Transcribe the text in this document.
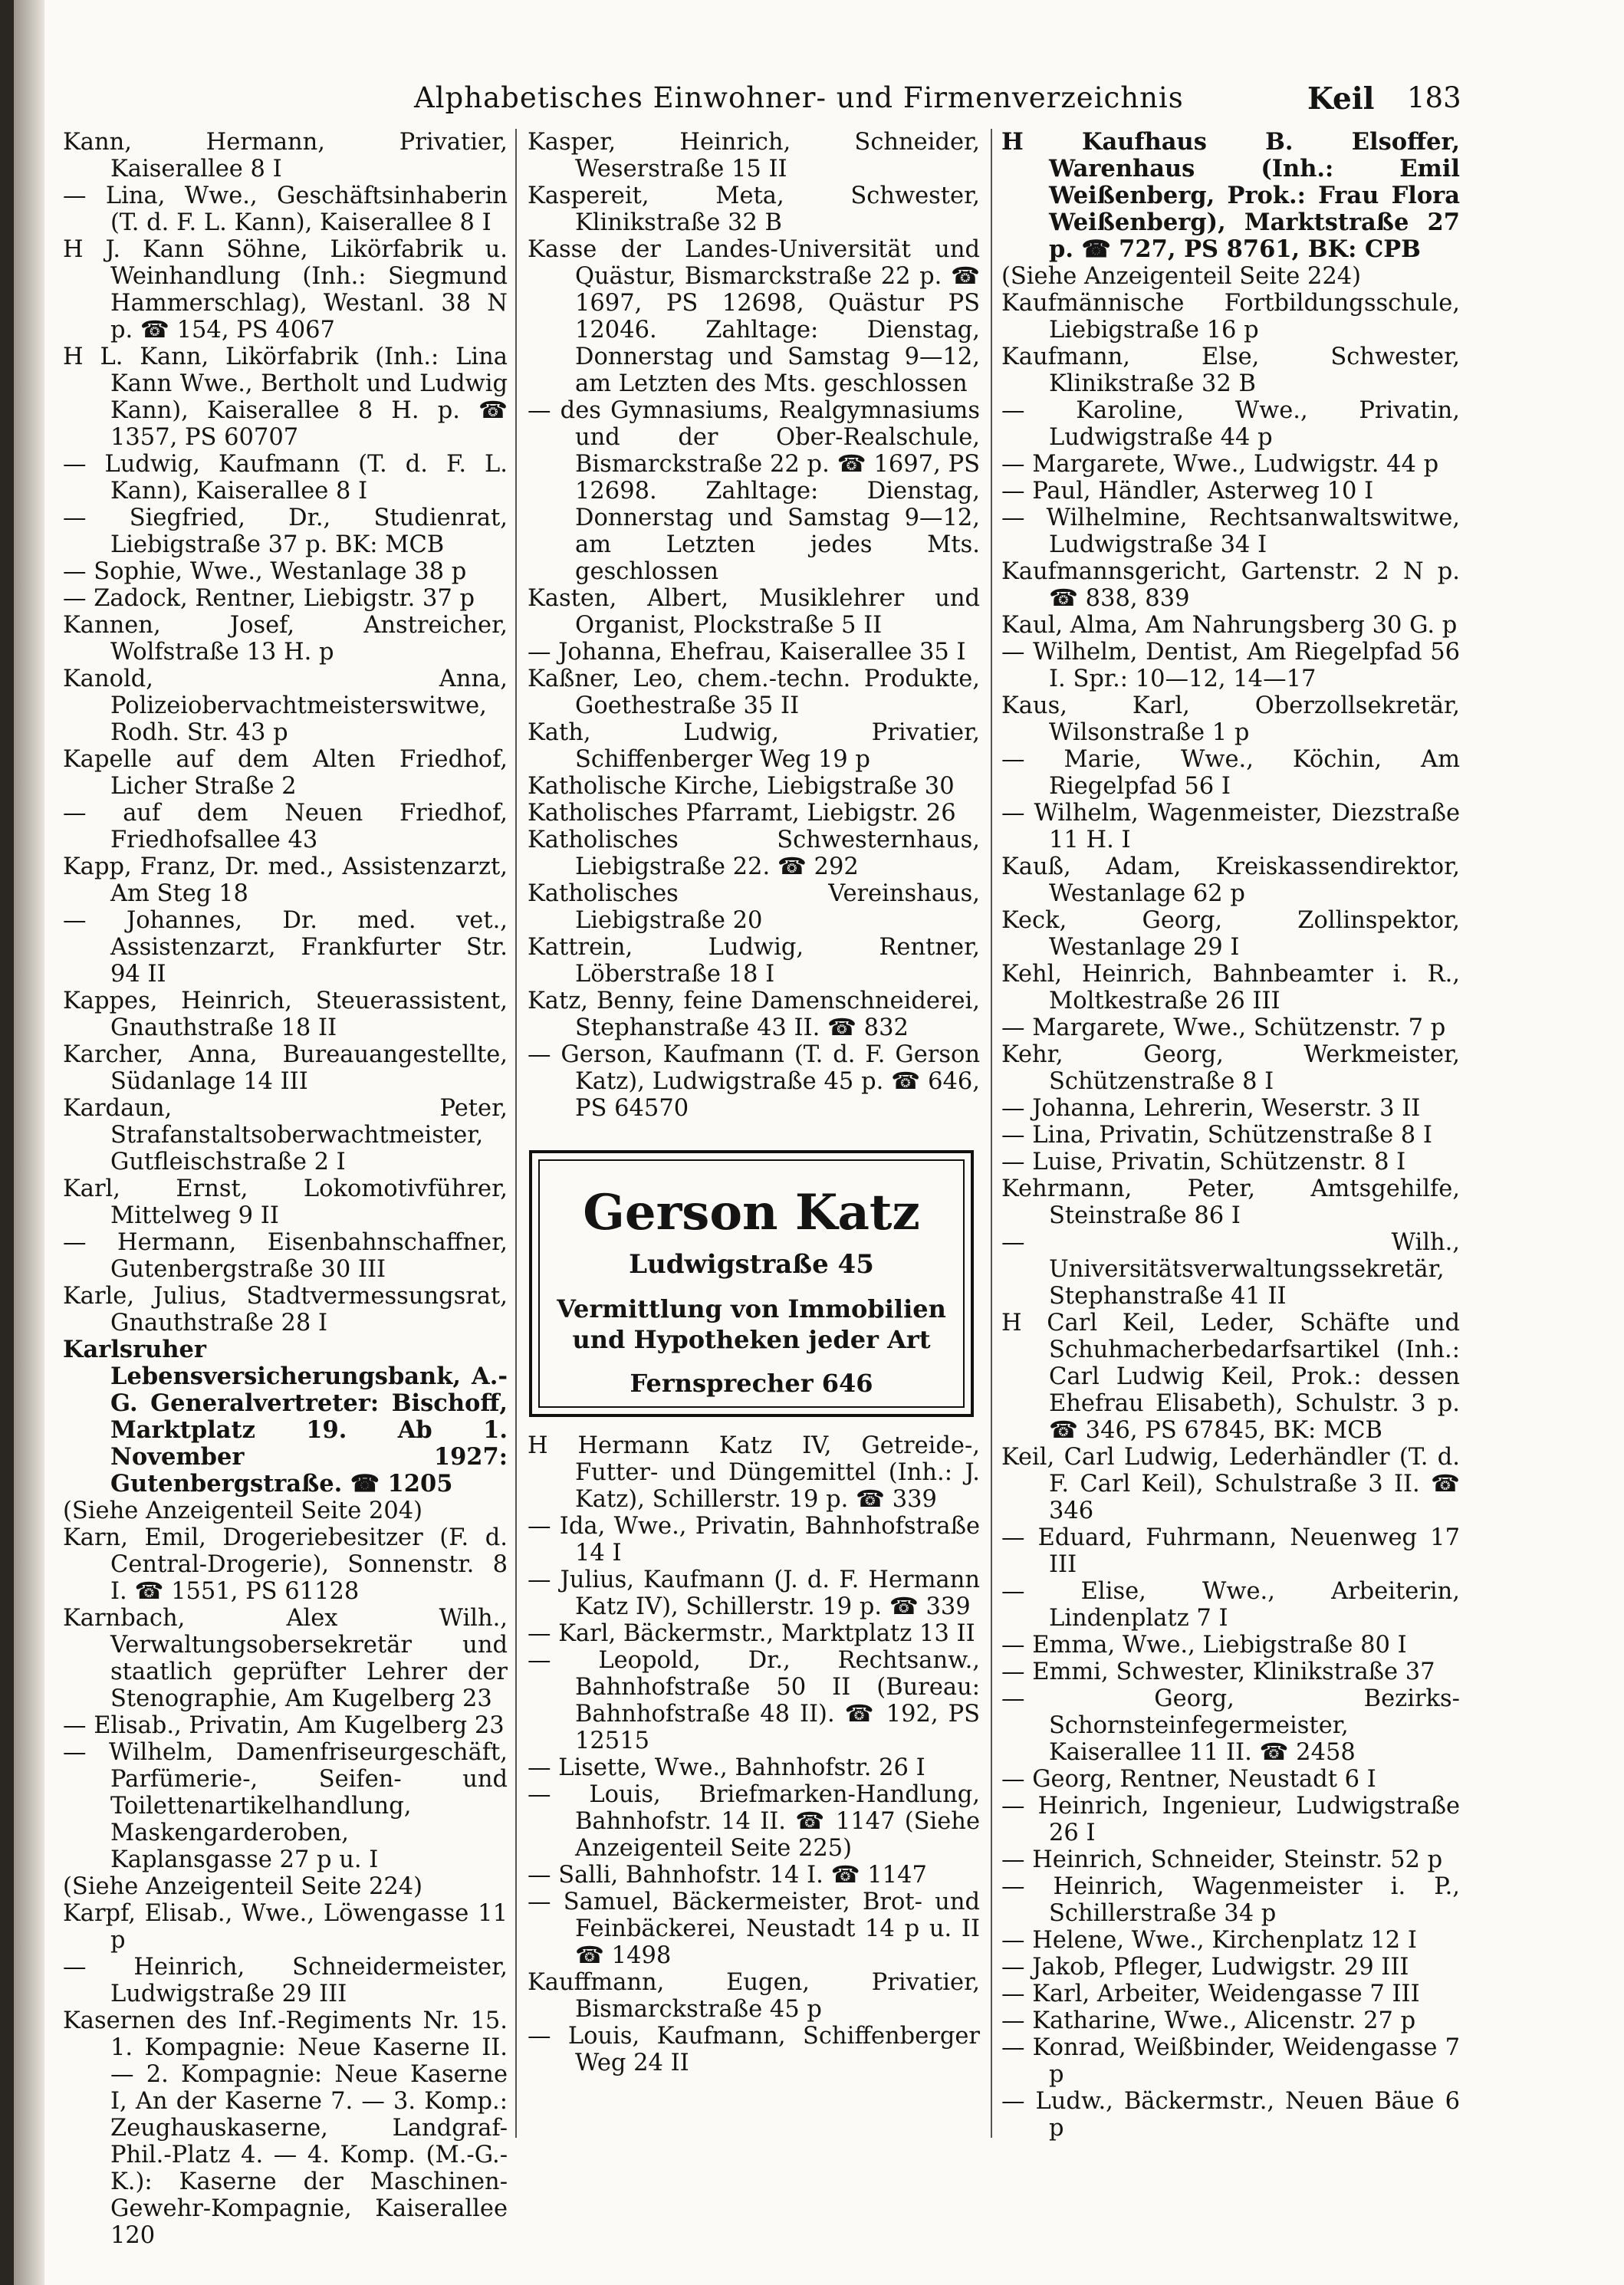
Alphabetisches Einwohner- und Firmenverzeichnis	Keil 183

Kann, Hermann, Privatier, Kaiserallee 8 I

— Lina, Wwe., Geschäftsinhaberin (T. d. F. L. Kann), Kaiserallee 8 I

H J. Kann Söhne, Likörfabrik u. Weinhandlung (Inh.: Siegmund Hammerschlag), Westanl. 38 N p. ☎ 154, PS 4067

H L. Kann, Likörfabrik (Inh.: Lina Kann Wwe., Bertholt und Ludwig Kann), Kaiserallee 8 H. p. ☎ 1357, PS 60707

— Ludwig, Kaufmann (T. d. F. L. Kann), Kaiserallee 8 I

— Siegfried, Dr., Studienrat, Liebigstraße 37 p. BK: MCB

— Sophie, Wwe., Westanlage 38 p

— Zadock, Rentner, Liebigstr. 37 p

Kannen, Josef, Anstreicher, Wolfstraße 13 H. p

Kanold, Anna, Polizeiobervachtmeisterswitwe, Rodh. Str. 43 p

Kapelle auf dem Alten Friedhof, Licher Straße 2

— auf dem Neuen Friedhof, Friedhofsallee 43

Kapp, Franz, Dr. med., Assistenzarzt, Am Steg 18

— Johannes, Dr. med. vet., Assistenzarzt, Frankfurter Str. 94 II

Kappes, Heinrich, Steuerassistent, Gnauthstraße 18 II

Karcher, Anna, Bureauangestellte, Südanlage 14 III

Kardaun, Peter, Strafanstaltsoberwachtmeister, Gutfleischstraße 2 I

Karl, Ernst, Lokomotivführer, Mittelweg 9 II

— Hermann, Eisenbahnschaffner, Gutenbergstraße 30 III

Karle, Julius, Stadtvermessungsrat, Gnauthstraße 28 I

Karlsruher Lebensversicherungsbank, A.-G. Generalvertreter: Bischoff, Marktplatz 19. Ab 1. November 1927: Gutenbergstraße. ☎ 1205

(Siehe Anzeigenteil Seite 204)

Karn, Emil, Drogeriebesitzer (F. d. Central-Drogerie), Sonnenstr. 8 I. ☎ 1551, PS 61128

Karnbach, Alex Wilh., Verwaltungsobersekretär und staatlich geprüfter Lehrer der Stenographie, Am Kugelberg 23

— Elisab., Privatin, Am Kugelberg 23

— Wilhelm, Damenfriseurgeschäft, Parfümerie-, Seifen- und Toilettenartikelhandlung, Maskengarderoben, Kaplansgasse 27 p u. I

(Siehe Anzeigenteil Seite 224)

Karpf, Elisab., Wwe., Löwengasse 11 p

— Heinrich, Schneidermeister, Ludwigstraße 29 III

Kasernen des Inf.-Regiments Nr. 15. 1. Kompagnie: Neue Kaserne II. — 2. Kompagnie: Neue Kaserne I, An der Kaserne 7. — 3. Komp.: Zeughauskaserne, Landgraf-Phil.-Platz 4. — 4. Komp. (M.-G.-K.): Kaserne der Maschinen-Gewehr-Kompagnie, Kaiserallee 120

Kasper, Heinrich, Schneider, Weserstraße 15 II

Kaspereit, Meta, Schwester, Klinikstraße 32 B

Kasse der Landes-Universität und Quästur, Bismarckstraße 22 p. ☎ 1697, PS 12698, Quästur PS 12046. Zahltage: Dienstag, Donnerstag und Samstag 9—12, am Letzten des Mts. geschlossen

— des Gymnasiums, Realgymnasiums und der Ober-Realschule, Bismarckstraße 22 p. ☎ 1697, PS 12698. Zahltage: Dienstag, Donnerstag und Samstag 9—12, am Letzten jedes Mts. geschlossen

Kasten, Albert, Musiklehrer und Organist, Plockstraße 5 II

— Johanna, Ehefrau, Kaiserallee 35 I

Kaßner, Leo, chem.-techn. Produkte, Goethestraße 35 II

Kath, Ludwig, Privatier, Schiffenberger Weg 19 p

Katholische Kirche, Liebigstraße 30

Katholisches Pfarramt, Liebigstr. 26

Katholisches Schwesternhaus, Liebigstraße 22. ☎ 292

Katholisches Vereinshaus, Liebigstraße 20

Kattrein, Ludwig, Rentner, Löberstraße 18 I

Katz, Benny, feine Damenschneiderei, Stephanstraße 43 II. ☎ 832

— Gerson, Kaufmann (T. d. F. Gerson Katz), Ludwigstraße 45 p. ☎ 646, PS 64570

Gerson Katz
Ludwigstraße 45
Vermittlung von Immobilien
und Hypotheken jeder Art
Fernsprecher 646

H Hermann Katz IV, Getreide-, Futter- und Düngemittel (Inh.: J. Katz), Schillerstr. 19 p. ☎ 339

— Ida, Wwe., Privatin, Bahnhofstraße 14 I

— Julius, Kaufmann (J. d. F. Hermann Katz IV), Schillerstr. 19 p. ☎ 339

— Karl, Bäckermstr., Marktplatz 13 II

— Leopold, Dr., Rechtsanw., Bahnhofstraße 50 II (Bureau: Bahnhofstraße 48 II). ☎ 192, PS 12515

— Lisette, Wwe., Bahnhofstr. 26 I

— Louis, Briefmarken-Handlung, Bahnhofstr. 14 II. ☎ 1147 (Siehe Anzeigenteil Seite 225)

— Salli, Bahnhofstr. 14 I. ☎ 1147

— Samuel, Bäckermeister, Brot- und Feinbäckerei, Neustadt 14 p u. II ☎ 1498

Kauffmann, Eugen, Privatier, Bismarckstraße 45 p

— Louis, Kaufmann, Schiffenberger Weg 24 II

H Kaufhaus B. Elsoffer, Warenhaus (Inh.: Emil Weißenberg, Prok.: Frau Flora Weißenberg), Marktstraße 27 p. ☎ 727, PS 8761, BK: CPB

(Siehe Anzeigenteil Seite 224)

Kaufmännische Fortbildungsschule, Liebigstraße 16 p

Kaufmann, Else, Schwester, Klinikstraße 32 B

— Karoline, Wwe., Privatin, Ludwigstraße 44 p

— Margarete, Wwe., Ludwigstr. 44 p

— Paul, Händler, Asterweg 10 I

— Wilhelmine, Rechtsanwaltswitwe, Ludwigstraße 34 I

Kaufmannsgericht, Gartenstr. 2 N p. ☎ 838, 839

Kaul, Alma, Am Nahrungsberg 30 G. p

— Wilhelm, Dentist, Am Riegelpfad 56 I. Spr.: 10—12, 14—17

Kaus, Karl, Oberzollsekretär, Wilsonstraße 1 p

— Marie, Wwe., Köchin, Am Riegelpfad 56 I

— Wilhelm, Wagenmeister, Diezstraße 11 H. I

Kauß, Adam, Kreiskassendirektor, Westanlage 62 p

Keck, Georg, Zollinspektor, Westanlage 29 I

Kehl, Heinrich, Bahnbeamter i. R., Moltkestraße 26 III

— Margarete, Wwe., Schützenstr. 7 p

Kehr, Georg, Werkmeister, Schützenstraße 8 I

— Johanna, Lehrerin, Weserstr. 3 II

— Lina, Privatin, Schützenstraße 8 I

— Luise, Privatin, Schützenstr. 8 I

Kehrmann, Peter, Amtsgehilfe, Steinstraße 86 I

— Wilh., Universitätsverwaltungssekretär, Stephanstraße 41 II

H Carl Keil, Leder, Schäfte und Schuhmacherbedarfsartikel (Inh.: Carl Ludwig Keil, Prok.: dessen Ehefrau Elisabeth), Schulstr. 3 p. ☎ 346, PS 67845, BK: MCB

Keil, Carl Ludwig, Lederhändler (T. d. F. Carl Keil), Schulstraße 3 II. ☎ 346

— Eduard, Fuhrmann, Neuenweg 17 III

— Elise, Wwe., Arbeiterin, Lindenplatz 7 I

— Emma, Wwe., Liebigstraße 80 I

— Emmi, Schwester, Klinikstraße 37

— Georg, Bezirks-Schornsteinfegermeister, Kaiserallee 11 II. ☎ 2458

— Georg, Rentner, Neustadt 6 I

— Heinrich, Ingenieur, Ludwigstraße 26 I

— Heinrich, Schneider, Steinstr. 52 p

— Heinrich, Wagenmeister i. P., Schillerstraße 34 p

— Helene, Wwe., Kirchenplatz 12 I

— Jakob, Pfleger, Ludwigstr. 29 III

— Karl, Arbeiter, Weidengasse 7 III

— Katharine, Wwe., Alicenstr. 27 p

— Konrad, Weißbinder, Weidengasse 7 p

— Ludw., Bäckermstr., Neuen Bäue 6 p
